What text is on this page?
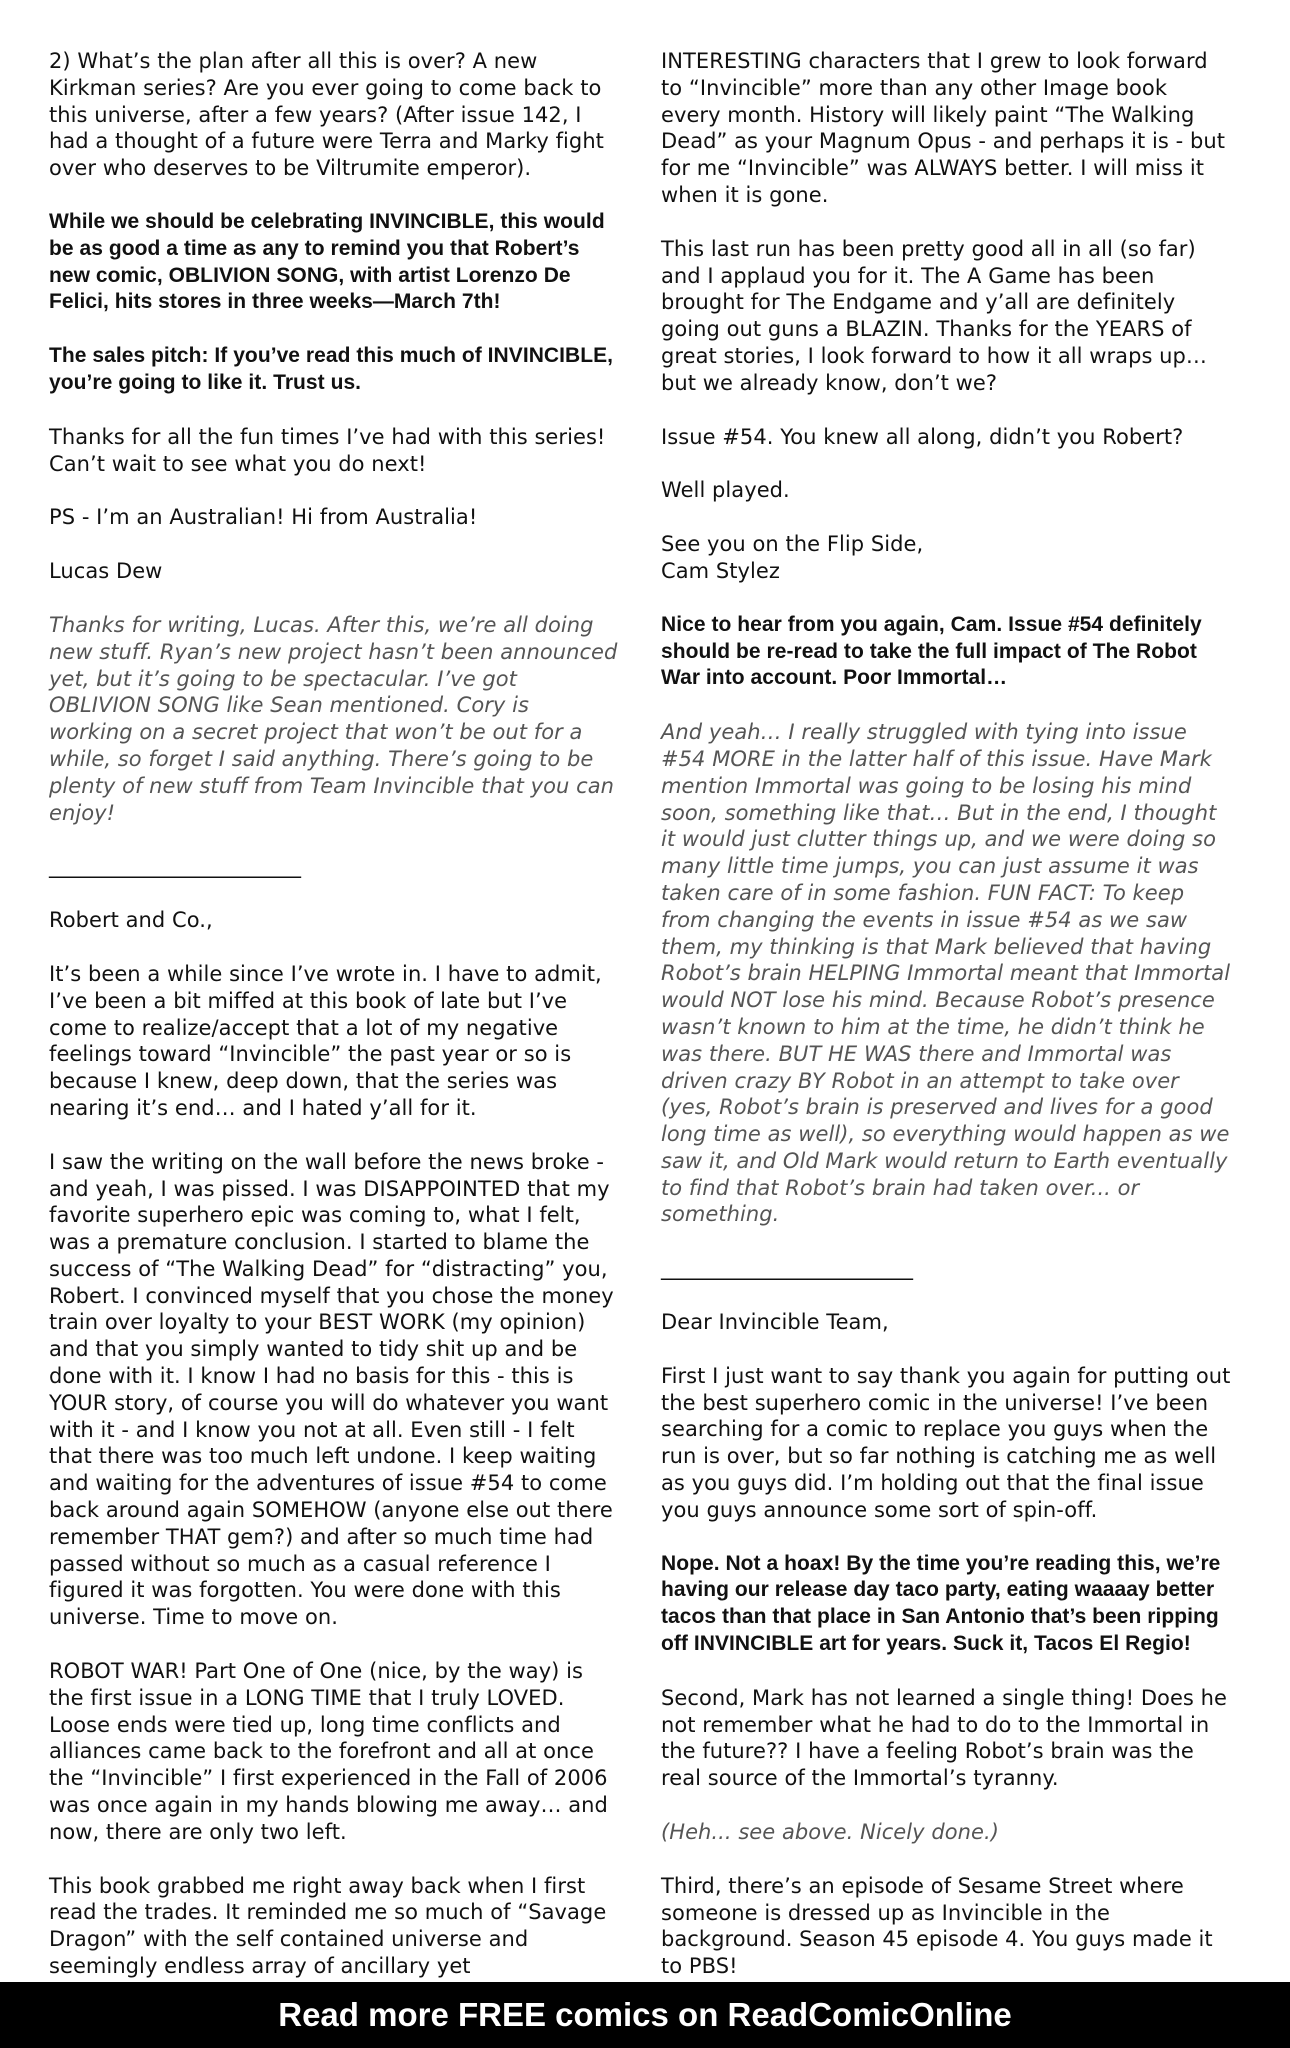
2) What’s the plan after all this is over? A new Kirkman series? Are you ever going to come back to this universe, after a few years? (After issue 142, I had a thought of a future were Terra and Marky fight over who deserves to be Viltrumite emperor).

While we should be celebrating INVINCIBLE, this would be as good a time as any to remind you that Robert’s new comic, OBLIVION SONG, with artist Lorenzo De Felici, hits stores in three weeks—March 7th!

The sales pitch: If you’ve read this much of INVINCIBLE, you’re going to like it. Trust us.

Thanks for all the fun times I’ve had with this series! Can’t wait to see what you do next!

PS - I’m an Australian! Hi from Australia!

Lucas Dew

Thanks for writing, Lucas. After this, we’re all doing new stuff. Ryan’s new project hasn’t been announced yet, but it’s going to be spectacular. I’ve got OBLIVION SONG like Sean mentioned. Cory is working on a secret project that won’t be out for a while, so forget I said anything. There’s going to be plenty of new stuff from Team Invincible that you can enjoy!

________________________

Robert and Co.,

It’s been a while since I’ve wrote in. I have to admit, I’ve been a bit miffed at this book of late but I’ve come to realize/accept that a lot of my negative feelings toward “Invincible” the past year or so is because I knew, deep down, that the series was nearing it’s end… and I hated y’all for it.

I saw the writing on the wall before the news broke - and yeah, I was pissed. I was DISAPPOINTED that my favorite superhero epic was coming to, what I felt, was a premature conclusion. I started to blame the success of “The Walking Dead” for “distracting” you, Robert. I convinced myself that you chose the money train over loyalty to your BEST WORK (my opinion) and that you simply wanted to tidy shit up and be done with it. I know I had no basis for this - this is YOUR story, of course you will do whatever you want with it - and I know you not at all. Even still - I felt that there was too much left undone. I keep waiting and waiting for the adventures of issue #54 to come back around again SOMEHOW (anyone else out there remember THAT gem?) and after so much time had passed without so much as a casual reference I figured it was forgotten. You were done with this universe. Time to move on.

ROBOT WAR! Part One of One (nice, by the way) is the first issue in a LONG TIME that I truly LOVED. Loose ends were tied up, long time conflicts and alliances came back to the forefront and all at once the “Invincible” I first experienced in the Fall of 2006 was once again in my hands blowing me away… and now, there are only two left.

This book grabbed me right away back when I first read the trades. It reminded me so much of “Savage Dragon” with the self contained universe and seemingly endless array of ancillary yet

INTERESTING characters that I grew to look forward to “Invincible” more than any other Image book every month. History will likely paint “The Walking Dead” as your Magnum Opus - and perhaps it is - but for me “Invincible” was ALWAYS better. I will miss it when it is gone.

This last run has been pretty good all in all (so far) and I applaud you for it. The A Game has been brought for The Endgame and y’all are definitely going out guns a BLAZIN. Thanks for the YEARS of great stories, I look forward to how it all wraps up… but we already know, don’t we?

Issue #54. You knew all along, didn’t you Robert?

Well played.

See you on the Flip Side,
Cam Stylez

Nice to hear from you again, Cam. Issue #54 definitely should be re-read to take the full impact of The Robot War into account. Poor Immortal…

And yeah… I really struggled with tying into issue #54 MORE in the latter half of this issue. Have Mark mention Immortal was going to be losing his mind soon, something like that… But in the end, I thought it would just clutter things up, and we were doing so many little time jumps, you can just assume it was taken care of in some fashion. FUN FACT: To keep from changing the events in issue #54 as we saw them, my thinking is that Mark believed that having Robot’s brain HELPING Immortal meant that Immortal would NOT lose his mind. Because Robot’s presence wasn’t known to him at the time, he didn’t think he was there. BUT HE WAS there and Immortal was driven crazy BY Robot in an attempt to take over (yes, Robot’s brain is preserved and lives for a good long time as well), so everything would happen as we saw it, and Old Mark would return to Earth eventually to find that Robot’s brain had taken over... or something.

________________________

Dear Invincible Team,

First I just want to say thank you again for putting out the best superhero comic in the universe! I’ve been searching for a comic to replace you guys when the run is over, but so far nothing is catching me as well as you guys did. I’m holding out that the final issue you guys announce some sort of spin-off.

Nope. Not a hoax! By the time you’re reading this, we’re having our release day taco party, eating waaaay better tacos than that place in San Antonio that’s been ripping off INVINCIBLE art for years. Suck it, Tacos El Regio!

Second, Mark has not learned a single thing! Does he not remember what he had to do to the Immortal in the future?? I have a feeling Robot’s brain was the real source of the Immortal’s tyranny.

(Heh... see above. Nicely done.)

Third, there’s an episode of Sesame Street where someone is dressed up as Invincible in the background. Season 45 episode 4. You guys made it to PBS!

Read more FREE comics on ReadComicOnline
